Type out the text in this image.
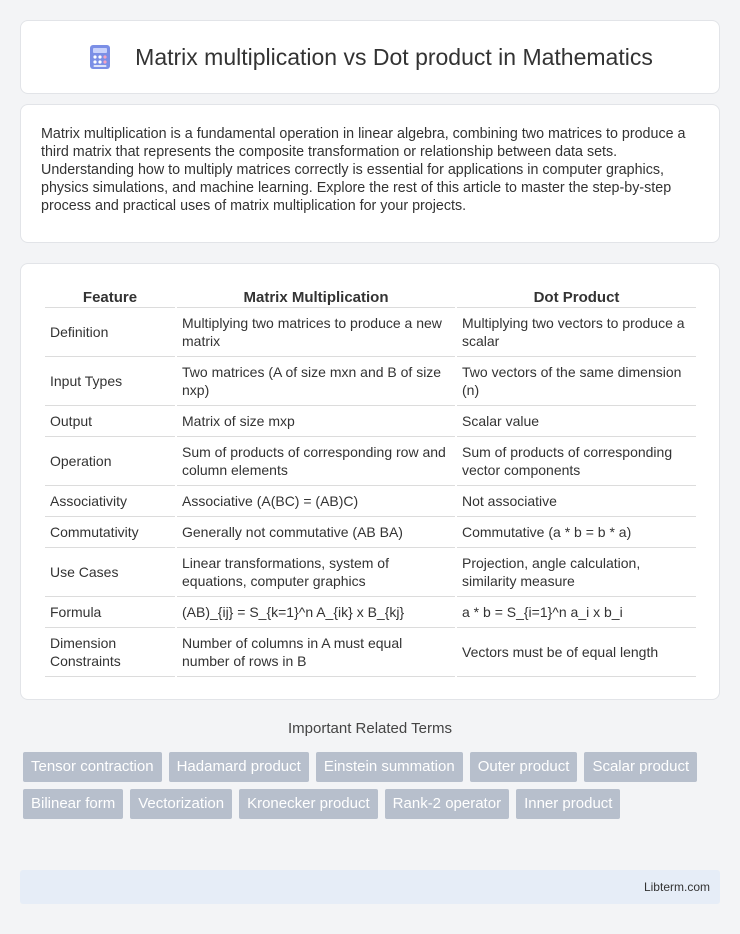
Matrix multiplication vs Dot product in Mathematics

Matrix multiplication is a fundamental operation in linear algebra, combining two matrices to produce a third matrix that represents the composite transformation or relationship between data sets. Understanding how to multiply matrices correctly is essential for applications in computer graphics, physics simulations, and machine learning. Explore the rest of this article to master the step-by-step process and practical uses of matrix multiplication for your projects.

Feature	Matrix Multiplication	Dot Product
Definition	Multiplying two matrices to produce a new matrix	Multiplying two vectors to produce a scalar
Input Types	Two matrices (A of size mxn and B of size nxp)	Two vectors of the same dimension (n)
Output	Matrix of size mxp	Scalar value
Operation	Sum of products of corresponding row and column elements	Sum of products of corresponding vector components
Associativity	Associative (A(BC) = (AB)C)	Not associative
Commutativity	Generally not commutative (AB BA)	Commutative (a * b = b * a)
Use Cases	Linear transformations, system of equations, computer graphics	Projection, angle calculation, similarity measure
Formula	(AB)_{ij} = S_{k=1}^n A_{ik} x B_{kj}	a * b = S_{i=1}^n a_i x b_i
Dimension Constraints	Number of columns in A must equal number of rows in B	Vectors must be of equal length
Important Related Terms
Tensor contraction	Hadamard product	Einstein summation	Outer product	Scalar product
Bilinear form	Vectorization	Kronecker product	Rank-2 operator	Inner product
Libterm.com
